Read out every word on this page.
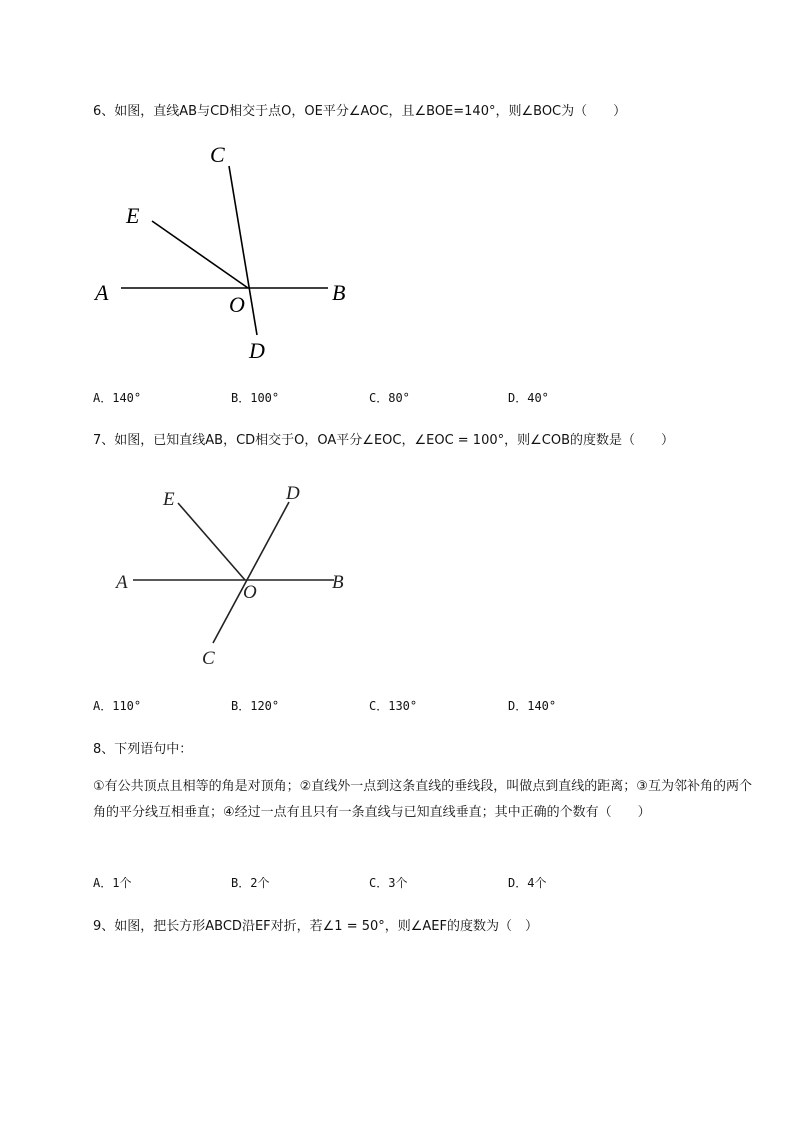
6、如图，直线AB与CD相交于点O，OE平分∠AOC，且∠BOE=140°，则∠BOC为（　　）
C
E
A	O	B
D
A．140°	B．100°	C．80°	D．40°
7、如图，已知直线AB，CD相交于O，OA平分∠EOC，∠EOC = 100°，则∠COB的度数是（　　）
E	D
A	O	B
C
A．110°	B．120°	C．130°	D．140°
8、下列语句中：
①有公共顶点且相等的角是对顶角；②直线外一点到这条直线的垂线段，叫做点到直线的距离；③互为邻补角的两个角的平分线互相垂直；④经过一点有且只有一条直线与已知直线垂直；其中正确的个数有（　　）
A．1个	B．2个	C．3个	D．4个
9、如图，把长方形ABCD沿EF对折，若∠1 = 50°，则∠AEF的度数为（　）
